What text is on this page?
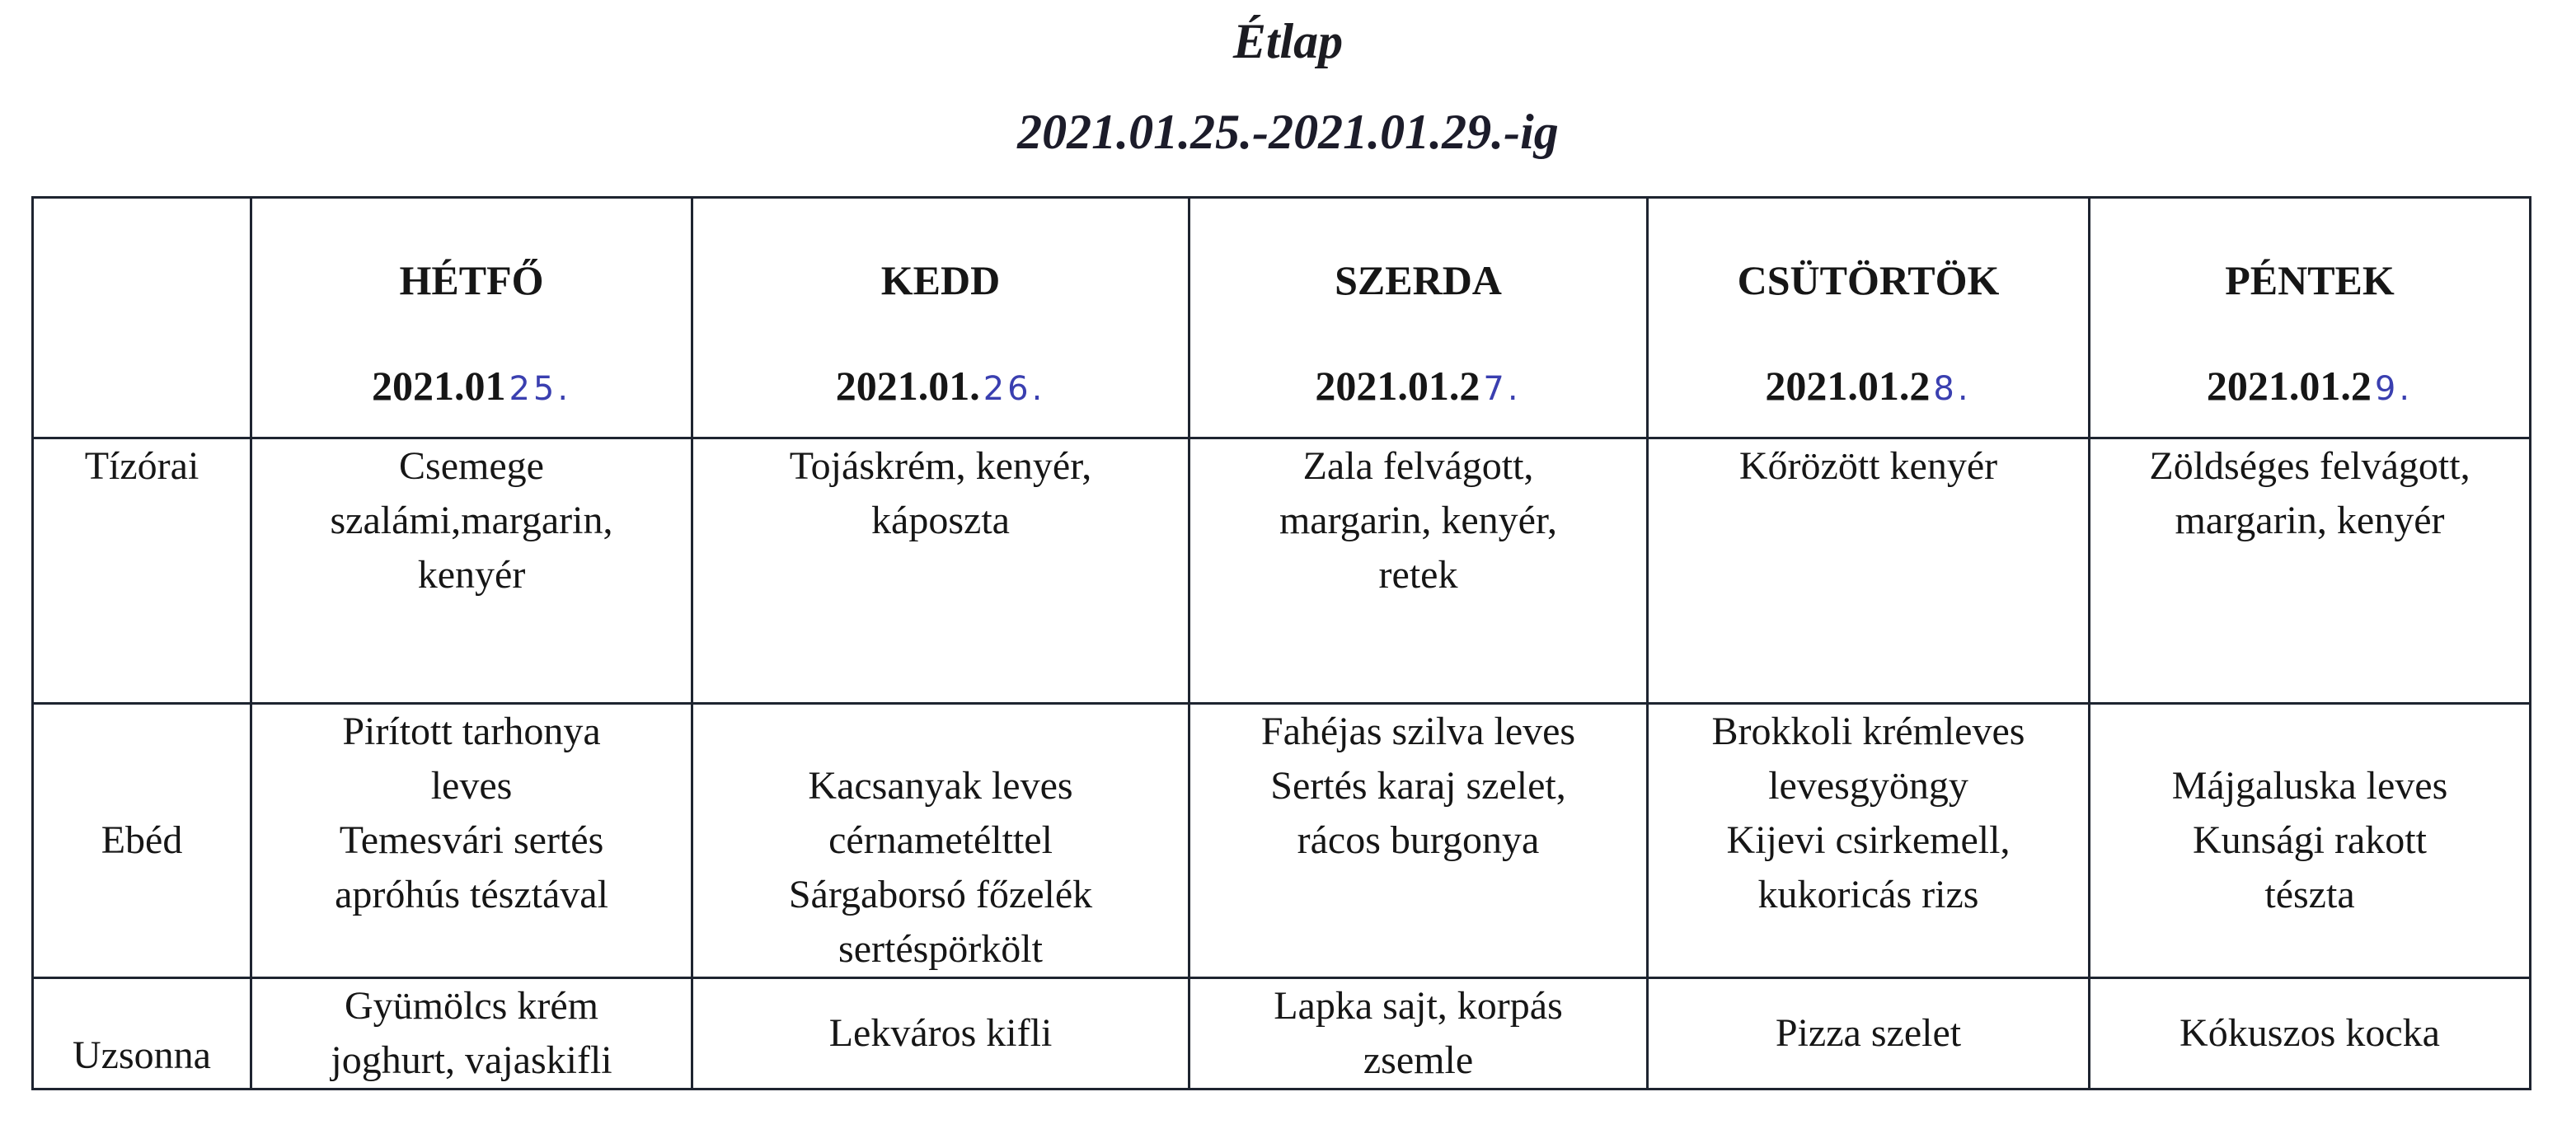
Étlap
2021.01.25.-2021.01.29.-ig

	HÉTFŐ
2021.01 25.	KEDD
2021.01. 26.	SZERDA
2021.01.2 7.	CSÜTÖRTÖK
2021.01.2 8.	PÉNTEK
2021.01.2 9.

Tízórai	Csemege
szalámi,margarin,
kenyér	Tojáskrém, kenyér,
káposzta	Zala felvágott,
margarin, kenyér,
retek	Kőrözött kenyér	Zöldséges felvágott,
margarin, kenyér

Ebéd	Pirított tarhonya
leves
Temesvári sertés
apróhús tésztával	Kacsanyak leves
cérnametélttel
Sárgaborsó főzelék
sertéspörkölt	Fahéjas szilva leves
Sertés karaj szelet,
rácos burgonya	Brokkoli krémleves
levesgyöngy
Kijevi csirkemell,
kukoricás rizs	Májgaluska leves
Kunsági rakott
tészta

Uzsonna	Gyümölcs krém
joghurt, vajaskifli	Lekváros kifli	Lapka sajt, korpás
zsemle	Pizza szelet	Kókuszos kocka
